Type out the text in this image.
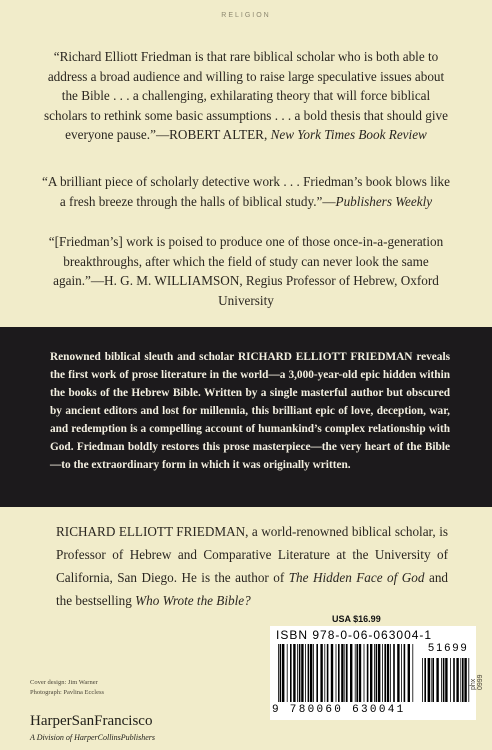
RELIGION

“Richard Elliott Friedman is that rare biblical scholar who is both able to address a broad audience and willing to raise large speculative issues about the Bible . . . a challenging, exhilarating theory that will force biblical scholars to rethink some basic assumptions . . . a bold thesis that should give everyone pause.”—ROBERT ALTER, New York Times Book Review

“A brilliant piece of scholarly detective work . . . Friedman’s book blows like a fresh breeze through the halls of biblical study.”—Publishers Weekly

“[Friedman’s] work is poised to produce one of those once-in-a-generation breakthroughs, after which the field of study can never look the same again.”—H. G. M. WILLIAMSON, Regius Professor of Hebrew, Oxford University

Renowned biblical sleuth and scholar RICHARD ELLIOTT FRIEDMAN reveals the first work of prose literature in the world—a 3,000-year-old epic hidden within the books of the Hebrew Bible. Written by a single masterful author but obscured by ancient editors and lost for millennia, this brilliant epic of love, deception, war, and redemption is a compelling account of humankind’s complex relationship with God. Friedman boldly restores this prose masterpiece—the very heart of the Bible—to the extraordinary form in which it was originally written.

RICHARD ELLIOTT FRIEDMAN, a world-renowned biblical scholar, is Professor of Hebrew and Comparative Literature at the University of California, San Diego. He is the author of The Hidden Face of God and the bestselling Who Wrote the Bible?

USA $16.99
ISBN 978-0-06-063004-1
51699
9 780060 630041
Cover design: Jim Warner
Photograph: Pavlina Eccless
HarperSanFrancisco
A Division of HarperCollinsPublishers
phx 0999
